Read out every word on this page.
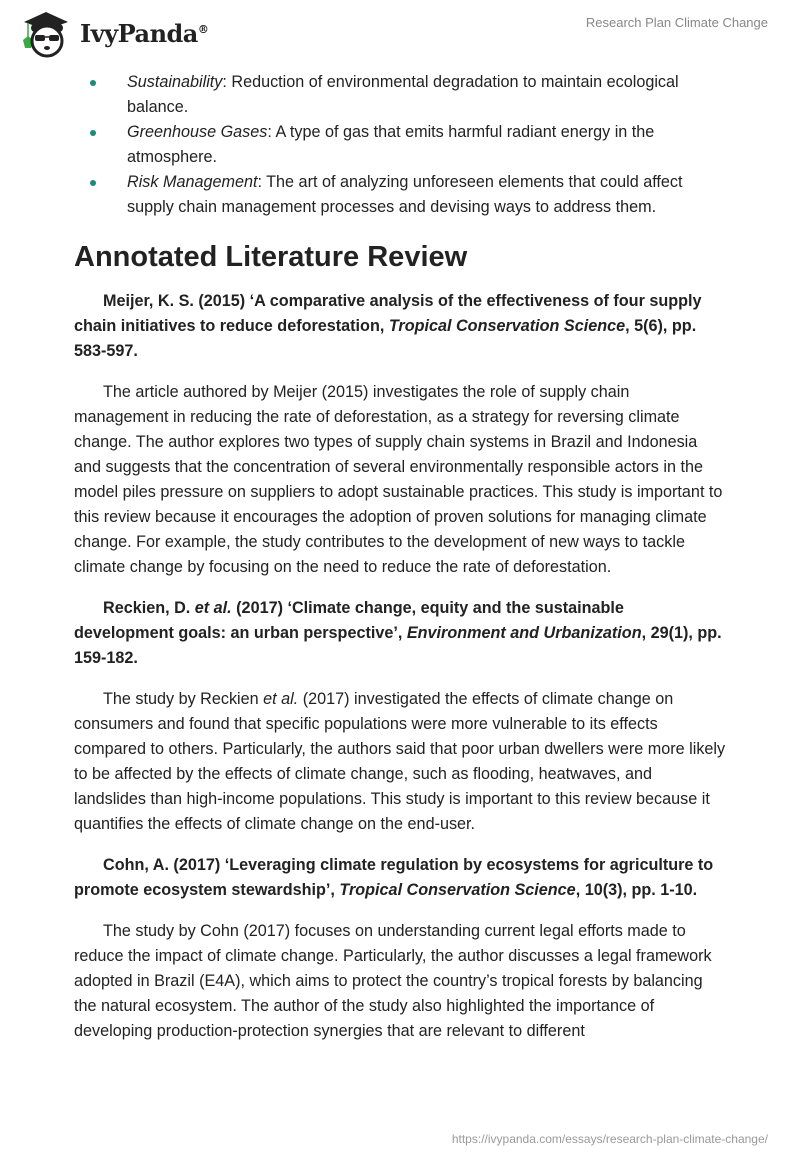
IvyPanda®	Research Plan Climate Change
Sustainability: Reduction of environmental degradation to maintain ecological balance.
Greenhouse Gases: A type of gas that emits harmful radiant energy in the atmosphere.
Risk Management: The art of analyzing unforeseen elements that could affect supply chain management processes and devising ways to address them.
Annotated Literature Review

Meijer, K. S. (2015) ‘A comparative analysis of the effectiveness of four supply chain initiatives to reduce deforestation, Tropical Conservation Science, 5(6), pp. 583-597.

The article authored by Meijer (2015) investigates the role of supply chain management in reducing the rate of deforestation, as a strategy for reversing climate change. The author explores two types of supply chain systems in Brazil and Indonesia and suggests that the concentration of several environmentally responsible actors in the model piles pressure on suppliers to adopt sustainable practices. This study is important to this review because it encourages the adoption of proven solutions for managing climate change. For example, the study contributes to the development of new ways to tackle climate change by focusing on the need to reduce the rate of deforestation.

Reckien, D. et al. (2017) ‘Climate change, equity and the sustainable development goals: an urban perspective’, Environment and Urbanization, 29(1), pp. 159-182.

The study by Reckien et al. (2017) investigated the effects of climate change on consumers and found that specific populations were more vulnerable to its effects compared to others. Particularly, the authors said that poor urban dwellers were more likely to be affected by the effects of climate change, such as flooding, heatwaves, and landslides than high-income populations. This study is important to this review because it quantifies the effects of climate change on the end-user.

Cohn, A. (2017) ‘Leveraging climate regulation by ecosystems for agriculture to promote ecosystem stewardship’, Tropical Conservation Science, 10(3), pp. 1-10.

The study by Cohn (2017) focuses on understanding current legal efforts made to reduce the impact of climate change. Particularly, the author discusses a legal framework adopted in Brazil (E4A), which aims to protect the country’s tropical forests by balancing the natural ecosystem. The author of the study also highlighted the importance of developing production-protection synergies that are relevant to different

https://ivypanda.com/essays/research-plan-climate-change/
